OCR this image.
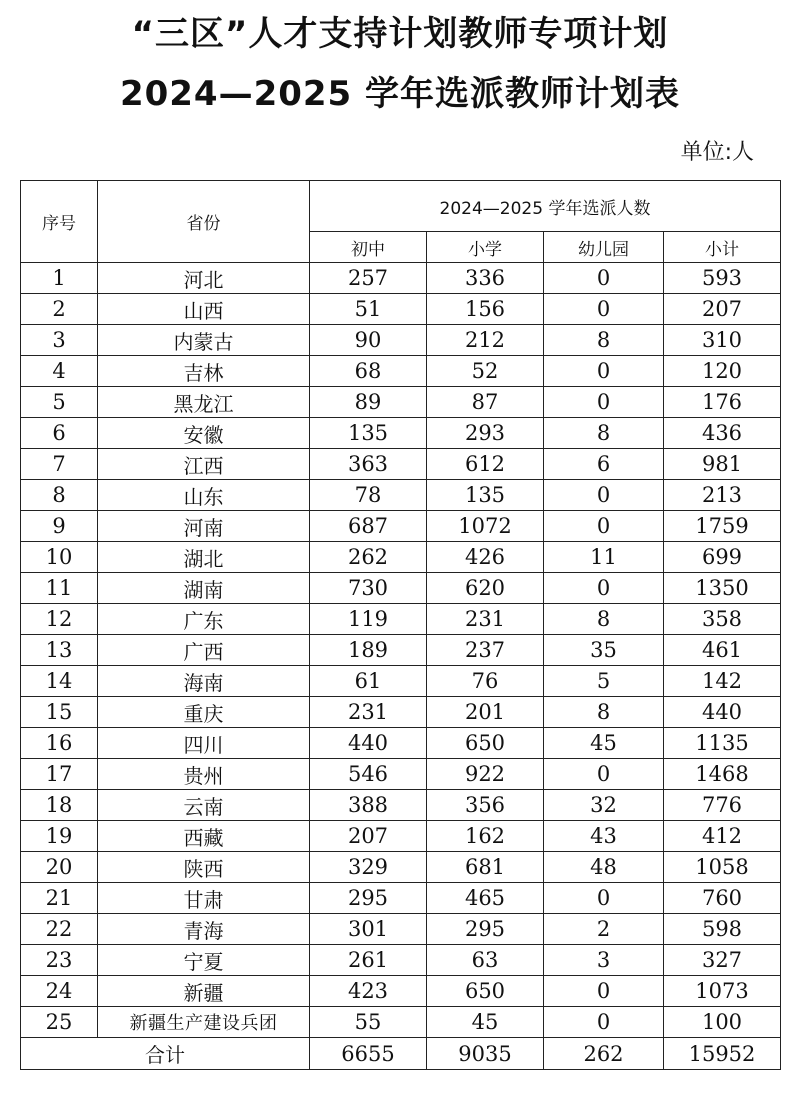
“三区”人才支持计划教师专项计划
2024—2025 学年选派教师计划表
单位:人
序号	省份	2024—2025 学年选派人数			
		初中	小学	幼儿园	小计
1	河北	257	336	0	593
2	山西	51	156	0	207
3	内蒙古	90	212	8	310
4	吉林	68	52	0	120
5	黑龙江	89	87	0	176
6	安徽	135	293	8	436
7	江西	363	612	6	981
8	山东	78	135	0	213
9	河南	687	1072	0	1759
10	湖北	262	426	11	699
11	湖南	730	620	0	1350
12	广东	119	231	8	358
13	广西	189	237	35	461
14	海南	61	76	5	142
15	重庆	231	201	8	440
16	四川	440	650	45	1135
17	贵州	546	922	0	1468
18	云南	388	356	32	776
19	西藏	207	162	43	412
20	陕西	329	681	48	1058
21	甘肃	295	465	0	760
22	青海	301	295	2	598
23	宁夏	261	63	3	327
24	新疆	423	650	0	1073
25	新疆生产建设兵团	55	45	0	100
合计		6655	9035	262	15952
